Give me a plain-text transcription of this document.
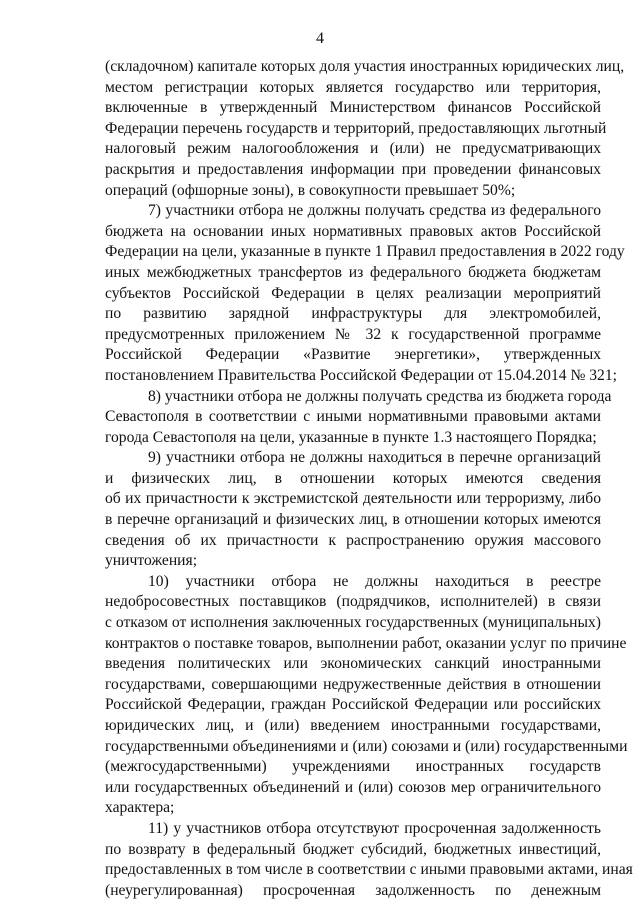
4
(складочном) капитале которых доля участия иностранных юридических лиц,
местом регистрации которых является государство или территория,
включенные в утвержденный Министерством финансов Российской
Федерации перечень государств и территорий, предоставляющих льготный
налоговый режим налогообложения и (или) не предусматривающих
раскрытия и предоставления информации при проведении финансовых
операций (офшорные зоны), в совокупности превышает 50%;
7) участники отбора не должны получать средства из федерального
бюджета на основании иных нормативных правовых актов Российской
Федерации на цели, указанные в пункте 1 Правил предоставления в 2022 году
иных межбюджетных трансфертов из федерального бюджета бюджетам
субъектов Российской Федерации в целях реализации мероприятий
по развитию зарядной инфраструктуры для электромобилей,
предусмотренных приложением № 32 к государственной программе
Российской Федерации «Развитие энергетики», утвержденных
постановлением Правительства Российской Федерации от 15.04.2014 № 321;
8) участники отбора не должны получать средства из бюджета города
Севастополя в соответствии с иными нормативными правовыми актами
города Севастополя на цели, указанные в пункте 1.3 настоящего Порядка;
9) участники отбора не должны находиться в перечне организаций
и физических лиц, в отношении которых имеются сведения
об их причастности к экстремистской деятельности или терроризму, либо
в перечне организаций и физических лиц, в отношении которых имеются
сведения об их причастности к распространению оружия массового
уничтожения;
10) участники отбора не должны находиться в реестре
недобросовестных поставщиков (подрядчиков, исполнителей) в связи
с отказом от исполнения заключенных государственных (муниципальных)
контрактов о поставке товаров, выполнении работ, оказании услуг по причине
введения политических или экономических санкций иностранными
государствами, совершающими недружественные действия в отношении
Российской Федерации, граждан Российской Федерации или российских
юридических лиц, и (или) введением иностранными государствами,
государственными объединениями и (или) союзами и (или) государственными
(межгосударственными) учреждениями иностранных государств
или государственных объединений и (или) союзов мер ограничительного
характера;
11) у участников отбора отсутствуют просроченная задолженность
по возврату в федеральный бюджет субсидий, бюджетных инвестиций,
предоставленных в том числе в соответствии с иными правовыми актами, иная
(неурегулированная) просроченная задолженность по денежным
